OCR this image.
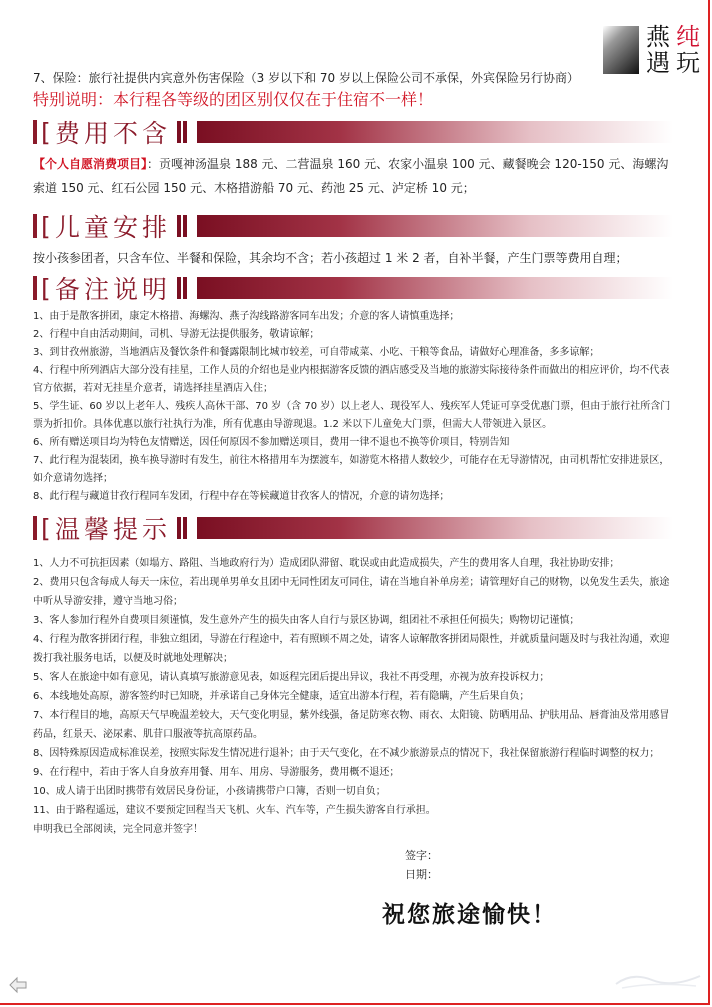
燕 纯
遇 玩
7、保险：旅行社提供内宾意外伤害保险（3 岁以下和 70 岁以上保险公司不承保，外宾保险另行协商）
特别说明：本行程各等级的团区别仅仅在于住宿不一样！
[ 费用不含
【个人自愿消费项目】：贡嘎神汤温泉 188 元、二营温泉 160 元、农家小温泉 100 元、藏餐晚会 120-150 元、海螺沟索道 150 元、红石公园 150 元、木格措游船 70 元、药池 25 元、泸定桥 10 元；
[ 儿童安排
按小孩参团者，只含车位、半餐和保险，其余均不含；若小孩超过 1 米 2 者，自补半餐，产生门票等费用自理；
[ 备注说明

1、由于是散客拼团，康定木格措、海螺沟、燕子沟线路游客同车出发；介意的客人请慎重选择；

2、行程中自由活动期间，司机、导游无法提供服务，敬请谅解；

3、到甘孜州旅游，当地酒店及餐饮条件和餐露限制比城市较差，可自带咸菜、小吃、干粮等食品，请做好心理准备，多多谅解；

4、行程中所列酒店大部分没有挂星，工作人员的介绍也是业内根据游客反馈的酒店感受及当地的旅游实际接待条件而做出的相应评价，均不代表官方依据，若对无挂星介意者，请选择挂星酒店入住；

5、学生证、60 岁以上老年人、残疾人高休干部、70 岁（含 70 岁）以上老人、现役军人、残疾军人凭证可享受优惠门票，但由于旅行社所含门票为折扣价。具体优惠以旅行社执行为准，所有优惠由导游现退。1.2 米以下儿童免大门票，但需大人带领进入景区。

6、所有赠送项目均为特色友情赠送，因任何原因不参加赠送项目，费用一律不退也不换等价项目，特别告知

7、此行程为混装团，换车换导游时有发生，前往木格措用车为摆渡车，如游览木格措人数较少，可能存在无导游情况，由司机帮忙安排进景区，如介意请勿选择；

8、此行程与藏道甘孜行程同车发团，行程中存在等候藏道甘孜客人的情况，介意的请勿选择；

[ 温馨提示

1、人力不可抗拒因素（如塌方、路阻、当地政府行为）造成团队滞留、耽误或由此造成损失，产生的费用客人自理，我社协助安排；

2、费用只包含每成人每天一床位，若出现单男单女且团中无同性团友可同住，请在当地自补单房差；请管理好自己的财物，以免发生丢失，旅途中听从导游安排，遵守当地习俗；

3、客人参加行程外自费项目须谨慎，发生意外产生的损失由客人自行与景区协调，组团社不承担任何损失；购物切记谨慎；

4、行程为散客拼团行程，非独立组团，导游在行程途中，若有照顾不周之处，请客人谅解散客拼团局限性，并就质量问题及时与我社沟通，欢迎拨打我社服务电话，以便及时就地处理解决；

5、客人在旅途中如有意见，请认真填写旅游意见表，如返程完团后提出异议，我社不再受理，亦视为放弃投诉权力；

6、本线地处高原，游客签约时已知晓，并承诺自己身体完全健康，适宜出游本行程，若有隐瞒，产生后果自负；

7、本行程目的地，高原天气早晚温差较大，天气变化明显，紫外线强，备足防寒衣物、雨衣、太阳镜、防晒用品、护肤用品、唇膏油及常用感冒药品，红景天、泌尿素、肌苷口服液等抗高原药品。

8、因特殊原因造成标准误差，按照实际发生情况进行退补；由于天气变化，在不减少旅游景点的情况下，我社保留旅游行程临时调整的权力；

9、在行程中，若由于客人自身放弃用餐、用车、用房、导游服务，费用概不退还；

10、成人请于出团时携带有效居民身份证，小孩请携带户口簿，否则一切自负；

11、由于路程遥远，建议不要预定回程当天飞机、火车、汽车等，产生损失游客自行承担。

申明我已全部阅读，完全同意并签字！

签字：
日期：
祝您旅途愉快！
